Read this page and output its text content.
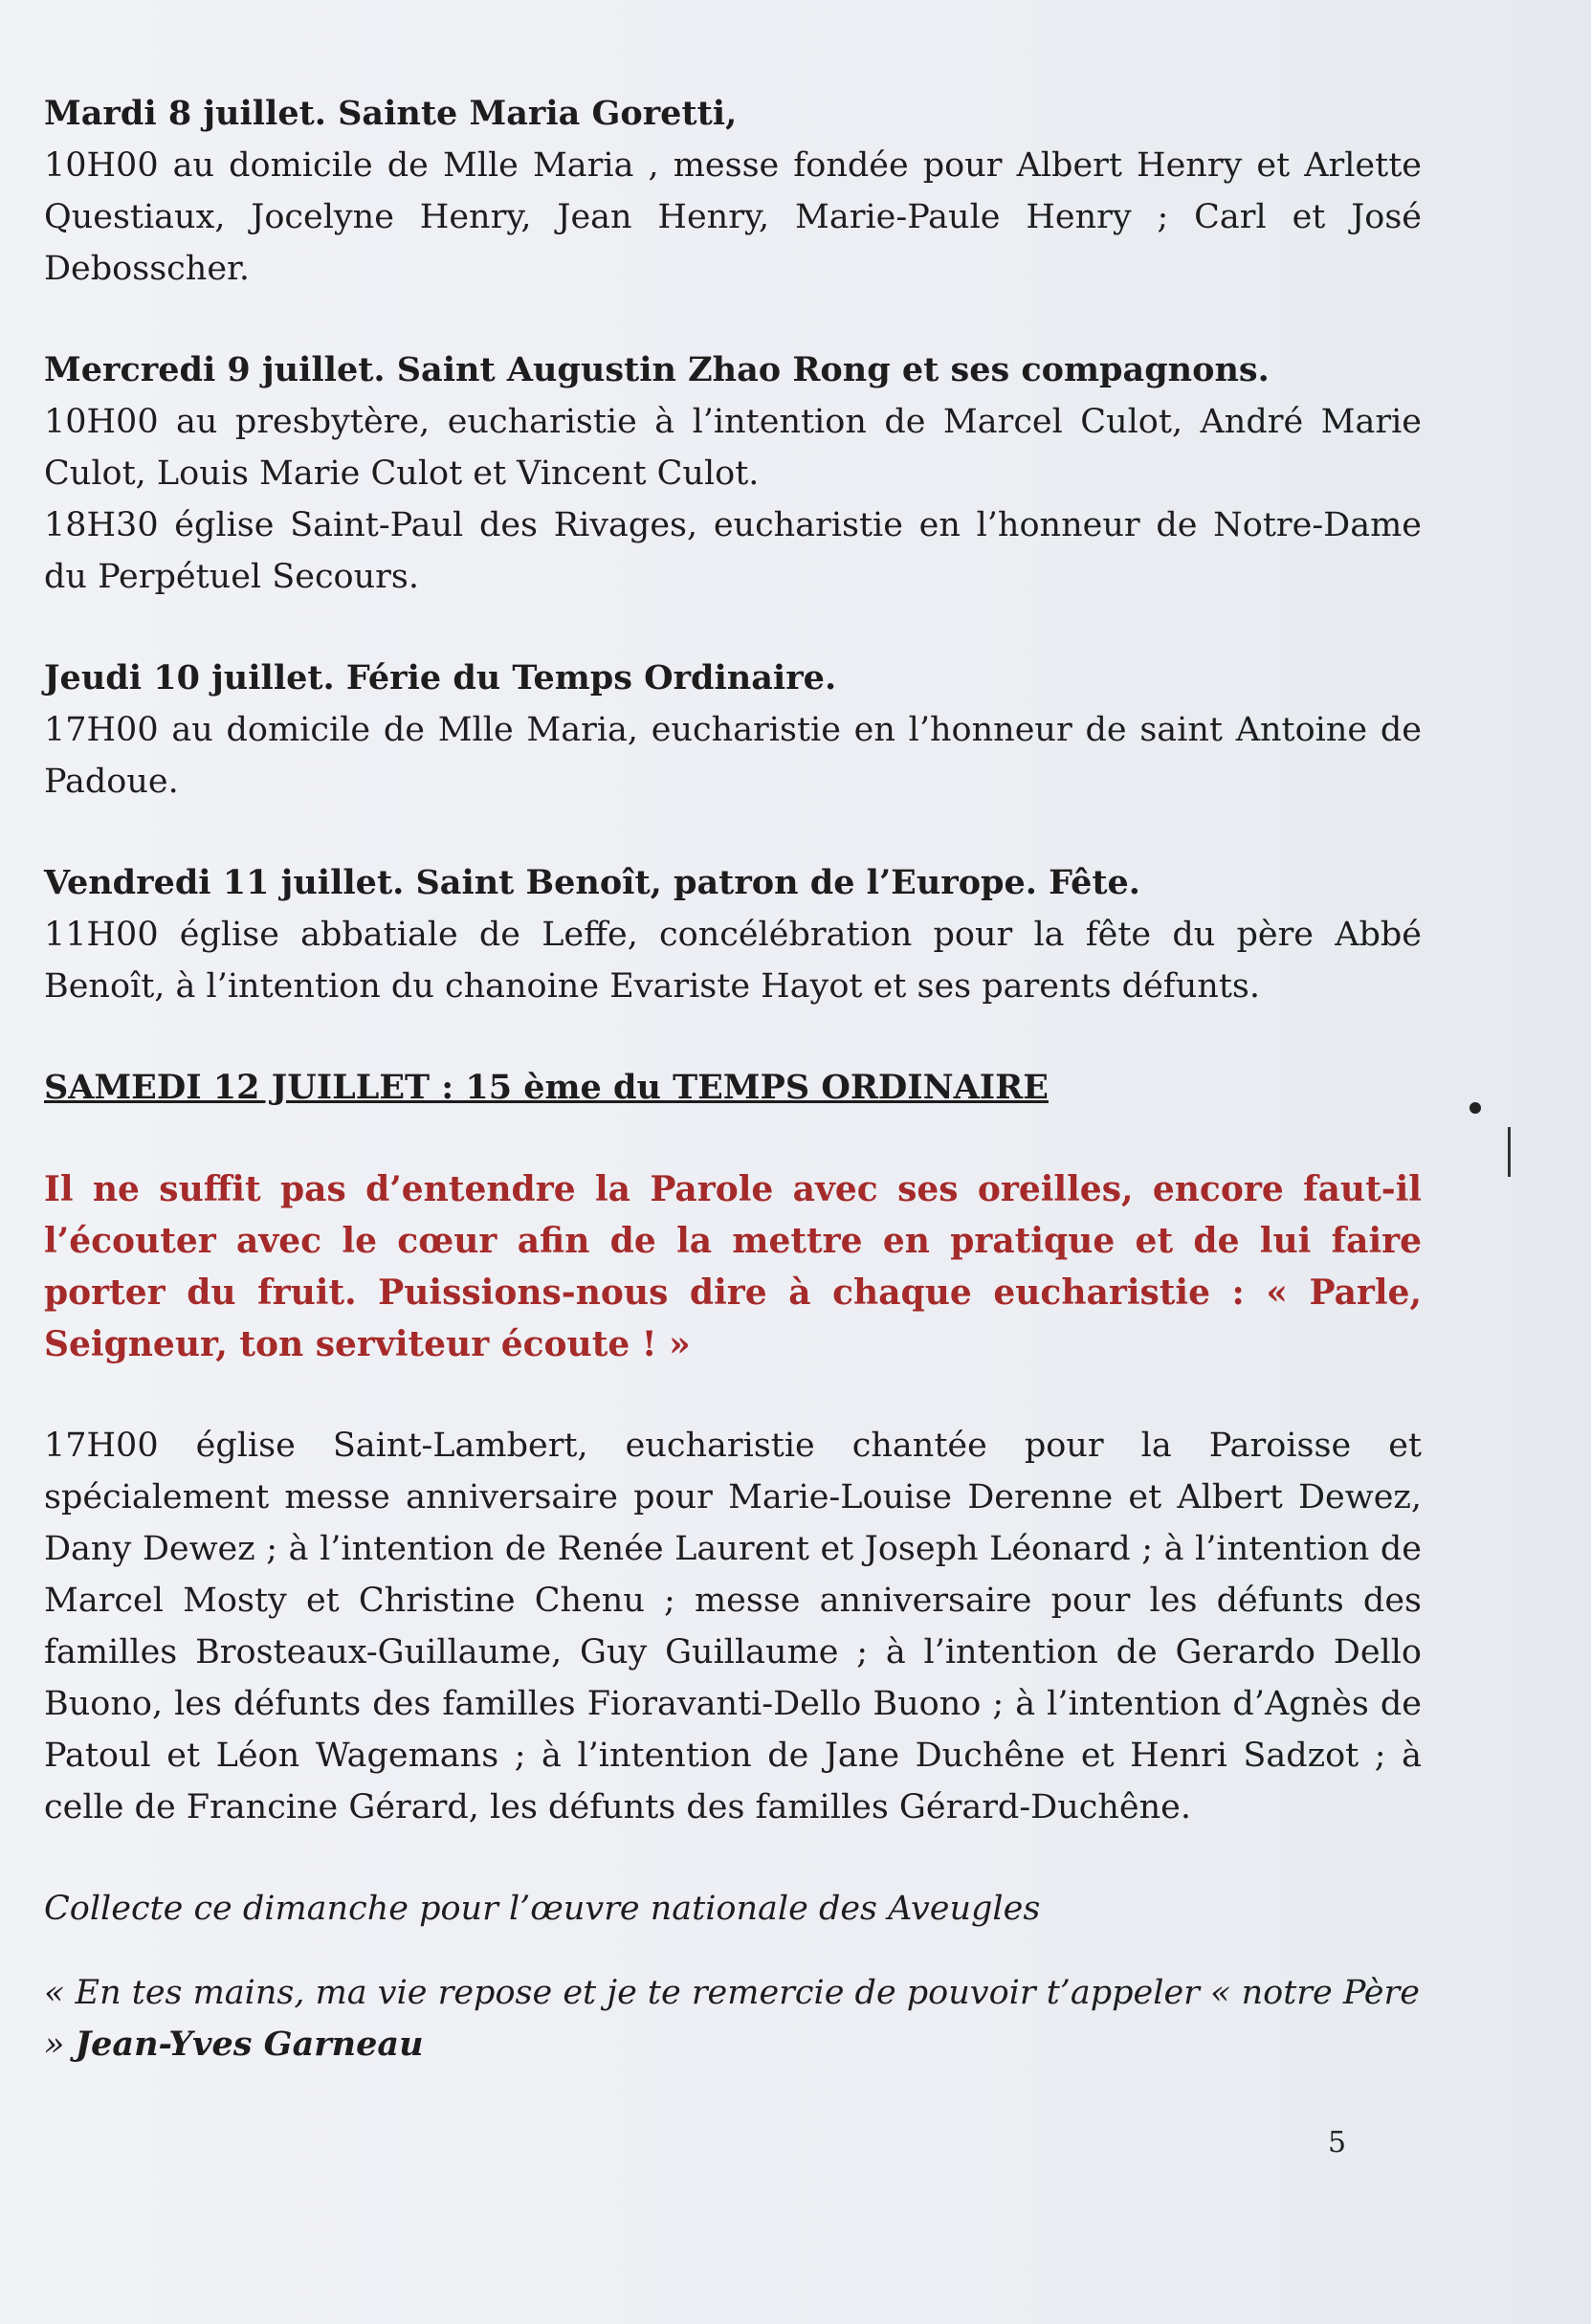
Mardi 8 juillet. Sainte Maria Goretti,

10H00 au domicile de Mlle Maria , messe fondée pour Albert Henry et Arlette Questiaux, Jocelyne Henry, Jean Henry, Marie-Paule Henry ; Carl et José Debosscher.

Mercredi 9 juillet. Saint Augustin Zhao Rong et ses compagnons.

10H00 au presbytère, eucharistie à l’intention de Marcel Culot, André Marie Culot, Louis Marie Culot et Vincent Culot.

18H30 église Saint-Paul des Rivages, eucharistie en l’honneur de Notre-Dame du Perpétuel Secours.

Jeudi 10 juillet. Férie du Temps Ordinaire.

17H00 au domicile de Mlle Maria, eucharistie en l’honneur de saint Antoine de Padoue.

Vendredi 11 juillet. Saint Benoît, patron de l’Europe. Fête.

11H00 église abbatiale de Leffe, concélébration pour la fête du père Abbé Benoît, à l’intention du chanoine Evariste Hayot et ses parents défunts.

SAMEDI 12 JUILLET : 15 ème du TEMPS ORDINAIRE

Il ne suffit pas d’entendre la Parole avec ses oreilles, encore faut-il l’écouter avec le cœur afin de la mettre en pratique et de lui faire porter du fruit. Puissions-nous dire à chaque eucharistie : « Parle, Seigneur, ton serviteur écoute ! »

17H00 église Saint-Lambert, eucharistie chantée pour la Paroisse et spécialement messe anniversaire pour Marie-Louise Derenne et Albert Dewez, Dany Dewez ; à l’intention de Renée Laurent et Joseph Léonard ; à l’intention de Marcel Mosty et Christine Chenu ; messe anniversaire pour les défunts des familles Brosteaux-Guillaume, Guy Guillaume ; à l’intention de Gerardo Dello Buono, les défunts des familles Fioravanti-Dello Buono ; à l’intention d’Agnès de Patoul et Léon Wagemans ; à l’intention de Jane Duchêne et Henri Sadzot ; à celle de Francine Gérard, les défunts des familles Gérard-Duchêne.

Collecte ce dimanche pour l’œuvre nationale des Aveugles

« En tes mains, ma vie repose et je te remercie de pouvoir t’appeler « notre Père » Jean-Yves Garneau

5
